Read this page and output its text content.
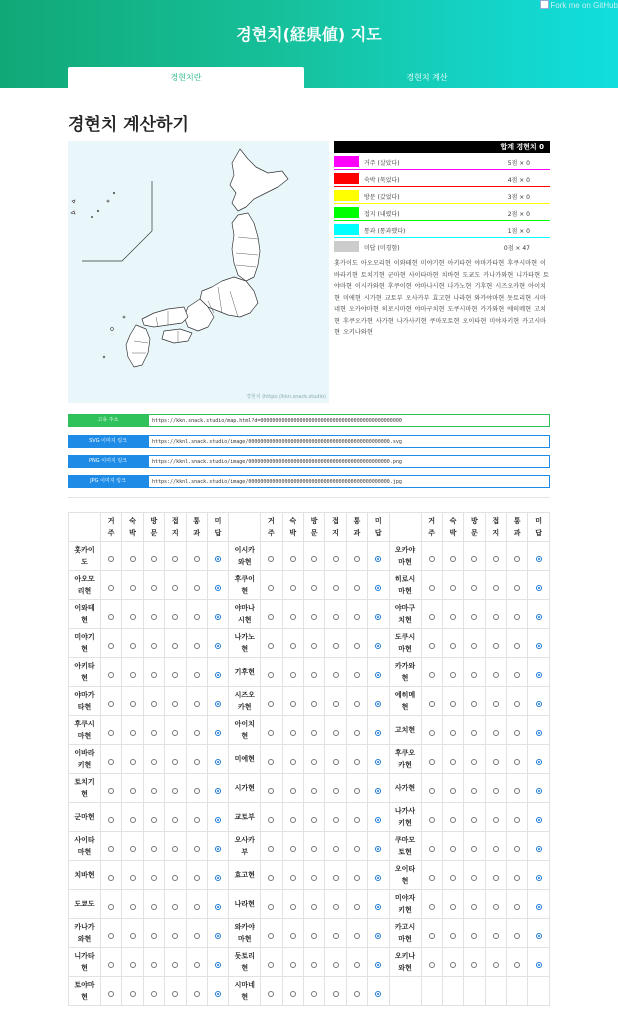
경현치(経県値) 지도
Fork me on GitHub
경현치란	경현치 계산
경현치 계산하기
경현치 (https://kkn.snack.studio)
합계 경현치 0
거주 (살았다)	5점 × 0
숙박 (묵었다)	4점 × 0
방문 (갔었다)	3점 × 0
접지 (내렸다)	2점 × 0
통과 (통과했다)	1점 × 0
미답 (미경험)	0점 × 47
홋카이도 아오모리현 이와테현 미야기현 아키타현 야마가타현 후쿠시마현 이바라키현 토치기현 군마현 사이타마현 치바현 도쿄도 카나가와현 니가타현 토야마현 이시카와현 후쿠이현 야마나시현 나가노현 기후현 시즈오카현 아이치현 미에현 시가현 교토부 오사카부 효고현 나라현 와카야마현 돗토리현 시마네현 오카야마현 히로시마현 야마구치현 도쿠시마현 카가와현 에히메현 고치현 후쿠오카현 사가현 나가사키현 쿠마모토현 오이타현 미야자키현 카고시마현 오키나와현
고유 주소
https://kkn.snack.studio/map.html?d=00000000000000000000000000000000000000000000000
SVG 이미지 링크
https://kknl.snack.studio/image/00000000000000000000000000000000000000000000000.svg
PNG 이미지 링크
https://kknl.snack.studio/image/00000000000000000000000000000000000000000000000.png
JPG 이미지 링크
https://kknl.snack.studio/image/00000000000000000000000000000000000000000000000.jpg
	거주	숙박	방문	접지	통과	미답		거주	숙박	방문	접지	통과	미답		거주	숙박	방문	접지	통과	미답
홋카이도							이시카와현							오카야마현						
아오모리현							후쿠이현							히로시마현						
이와테현							야마나시현							야마구치현						
미야기현							나가노현							도쿠시마현						
아키타현							기후현							카가와현						
야마가타현							시즈오카현							에히메현						
후쿠시마현							아이치현							고치현						
이바라키현							미에현							후쿠오카현						
토치기현							시가현							사가현						
군마현							교토부							나가사키현						
사이타마현							오사카부							쿠마모토현						
치바현							효고현							오이타현						
도쿄도							나라현							미야자키현						
카나가와현							와카야마현							카고시마현						
니가타현							돗토리현							오키나와현						
토야마현							시마네현													
